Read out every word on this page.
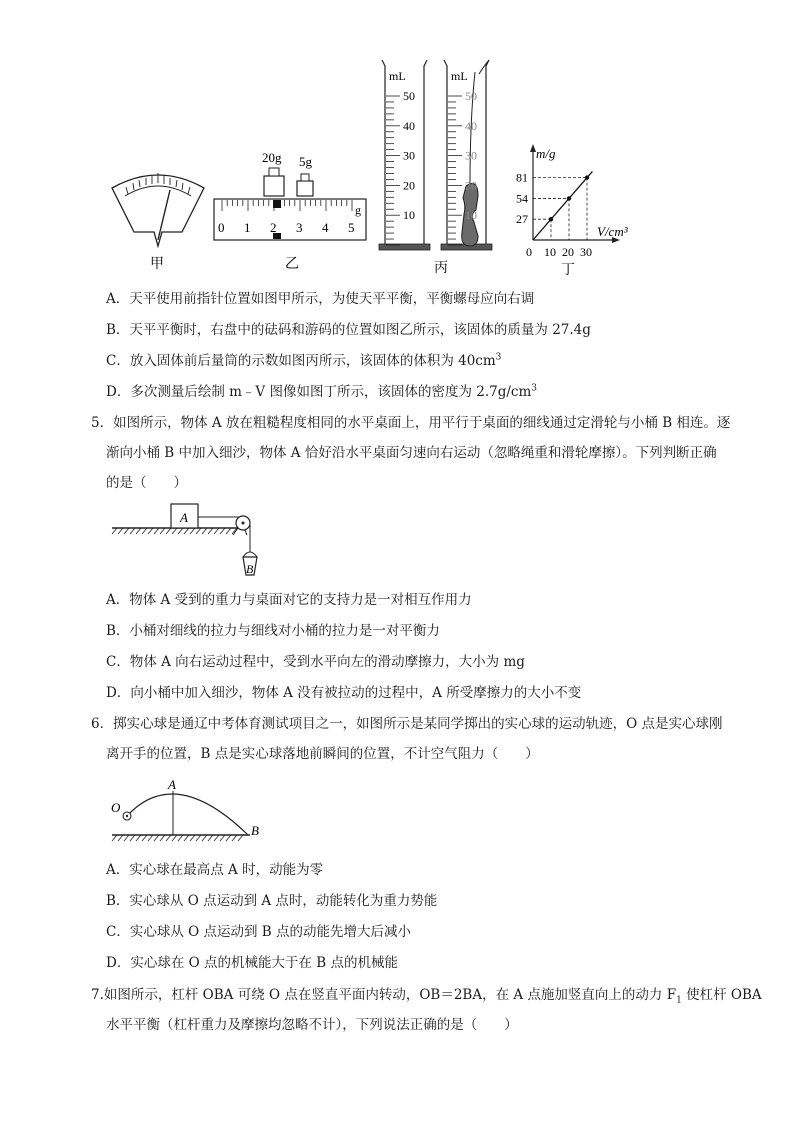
甲
20g 5g
0 1 2 3 4 5
g
乙
mL
50
40
30
20
10
mL
50
40
30
20
10
丙
m/g
V/cm³
0
81
54
27
10 20 30
丁
A．天平使用前指针位置如图甲所示，为使天平平衡，平衡螺母应向右调
B．天平平衡时，右盘中的砝码和游码的位置如图乙所示，该固体的质量为 27.4g
C．放入固体前后量筒的示数如图丙所示，该固体的体积为 $40cm^3$
D．多次测量后绘制 m﹣V 图像如图丁所示，该固体的密度为 $2.7g/cm^3$
5．如图所示，物体 A 放在粗糙程度相同的水平桌面上，用平行于桌面的细线通过定滑轮与小桶 B 相连。逐
渐向小桶 B 中加入细沙，物体 A 恰好沿水平桌面匀速向右运动（忽略绳重和滑轮摩擦）。下列判断正确
的是（　　）
A
B
A．物体 A 受到的重力与桌面对它的支持力是一对相互作用力
B．小桶对细线的拉力与细线对小桶的拉力是一对平衡力
C．物体 A 向右运动过程中，受到水平向左的滑动摩擦力，大小为 mg
D．向小桶中加入细沙，物体 A 没有被拉动的过程中，A 所受摩擦力的大小不变
6．掷实心球是通辽中考体育测试项目之一，如图所示是某同学掷出的实心球的运动轨迹，O 点是实心球刚
离开手的位置，B 点是实心球落地前瞬间的位置，不计空气阻力（　　）
O
A
B
A．实心球在最高点 A 时，动能为零
B．实心球从 O 点运动到 A 点时，动能转化为重力势能
C．实心球从 O 点运动到 B 点的动能先增大后减小
D．实心球在 O 点的机械能大于在 B 点的机械能
7.如图所示，杠杆 OBA 可绕 O 点在竖直平面内转动，OB＝2BA，在 A 点施加竖直向上的动力 $F_1$ 使杠杆 OBA
水平平衡（杠杆重力及摩擦均忽略不计），下列说法正确的是（　　）
